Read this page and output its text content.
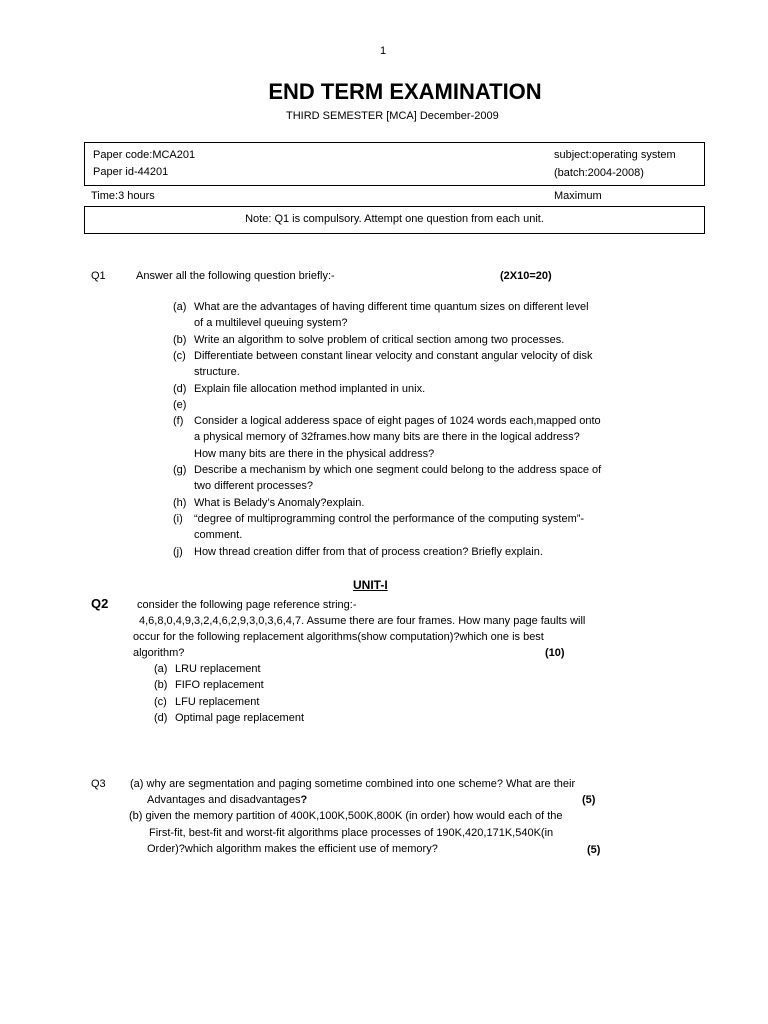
1
END TERM EXAMINATION
THIRD SEMESTER [MCA] December-2009
Paper code:MCA201	subject:operating system
Paper id-44201	(batch:2004-2008)
Time:3 hours	Maximum
Note: Q1 is compulsory. Attempt one question from each unit.
Q1	Answer all the following question briefly:-	(2X10=20)
(a) What are the advantages of having different time quantum sizes on different level
of a multilevel queuing system?
(b) Write an algorithm to solve problem of critical section among two processes.
(c) Differentiate between constant linear velocity and constant angular velocity of disk
structure.
(d) Explain file allocation method implanted in unix.
(e)
(f) Consider a logical adderess space of eight pages of 1024 words each,mapped onto
a physical memory of 32frames.how many bits are there in the logical address?
How many bits are there in the physical address?
(g) Describe a mechanism by which one segment could belong to the address space of
two different processes?
(h) What is Belady’s Anomaly?explain.
(i) “degree of multiprogramming control the performance of the computing system”-
comment.
(j) How thread creation differ from that of process creation? Briefly explain.
UNIT-I
Q2	consider the following page reference string:-
4,6,8,0,4,9,3,2,4,6,2,9,3,0,3,6,4,7. Assume there are four frames. How many page faults will
occur for the following replacement algorithms(show computation)?which one is best
algorithm?	(10)
(a) LRU replacement
(b) FIFO replacement
(c) LFU replacement
(d) Optimal page replacement
Q3 (a) why are segmentation and paging sometime combined into one scheme? What are their
Advantages and disadvantages?	(5)
(b) given the memory partition of 400K,100K,500K,800K (in order) how would each of the
First-fit, best-fit and worst-fit algorithms place processes of 190K,420,171K,540K(in
Order)?which algorithm makes the efficient use of memory?	(5)
